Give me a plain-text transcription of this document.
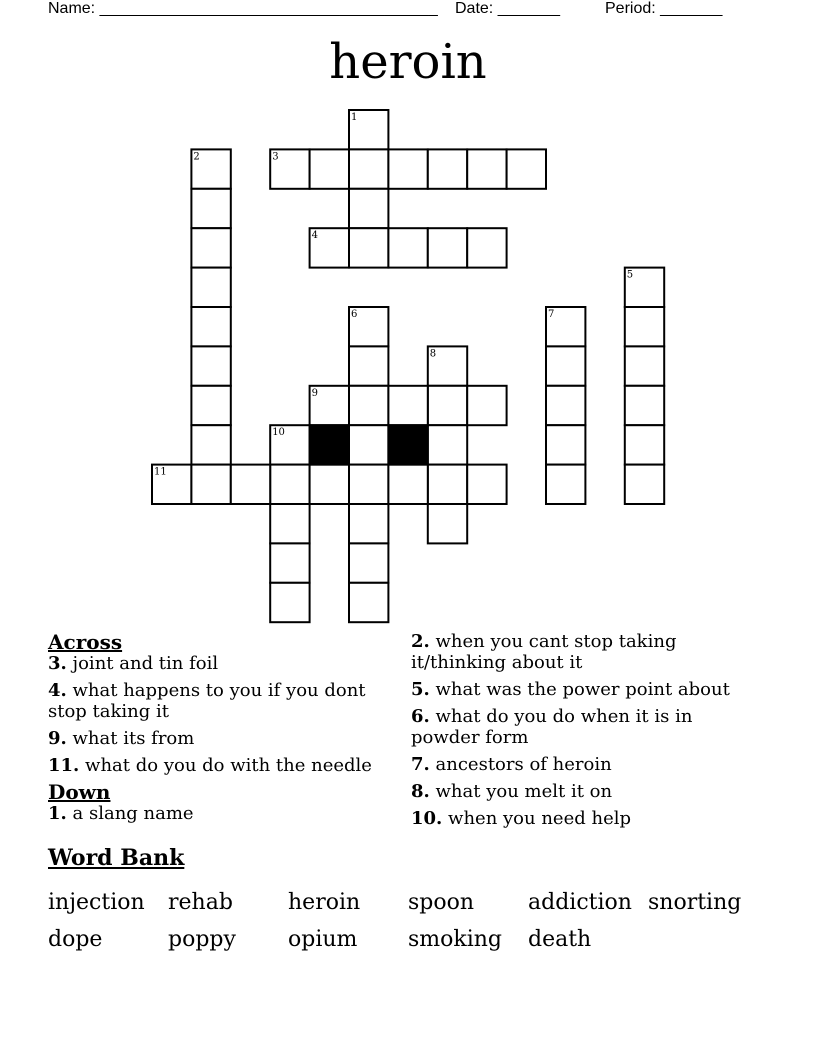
Name: ______________________________________ Date: _______	Period: _______
heroin
1
2	3
4
5
6	7
8
9
10
11
Across
3. joint and tin foil
4. what happens to you if you dont stop taking it
9. what its from
11. what do you do with the needle
Down
1. a slang name
2. when you cant stop taking it/thinking about it
5. what was the power point about
6. what do you do when it is in powder form
7. ancestors of heroin
8. what you melt it on
10. when you need help
Word Bank
injection rehab	heroin spoon addiction snorting
dope	poppy opium smoking death
